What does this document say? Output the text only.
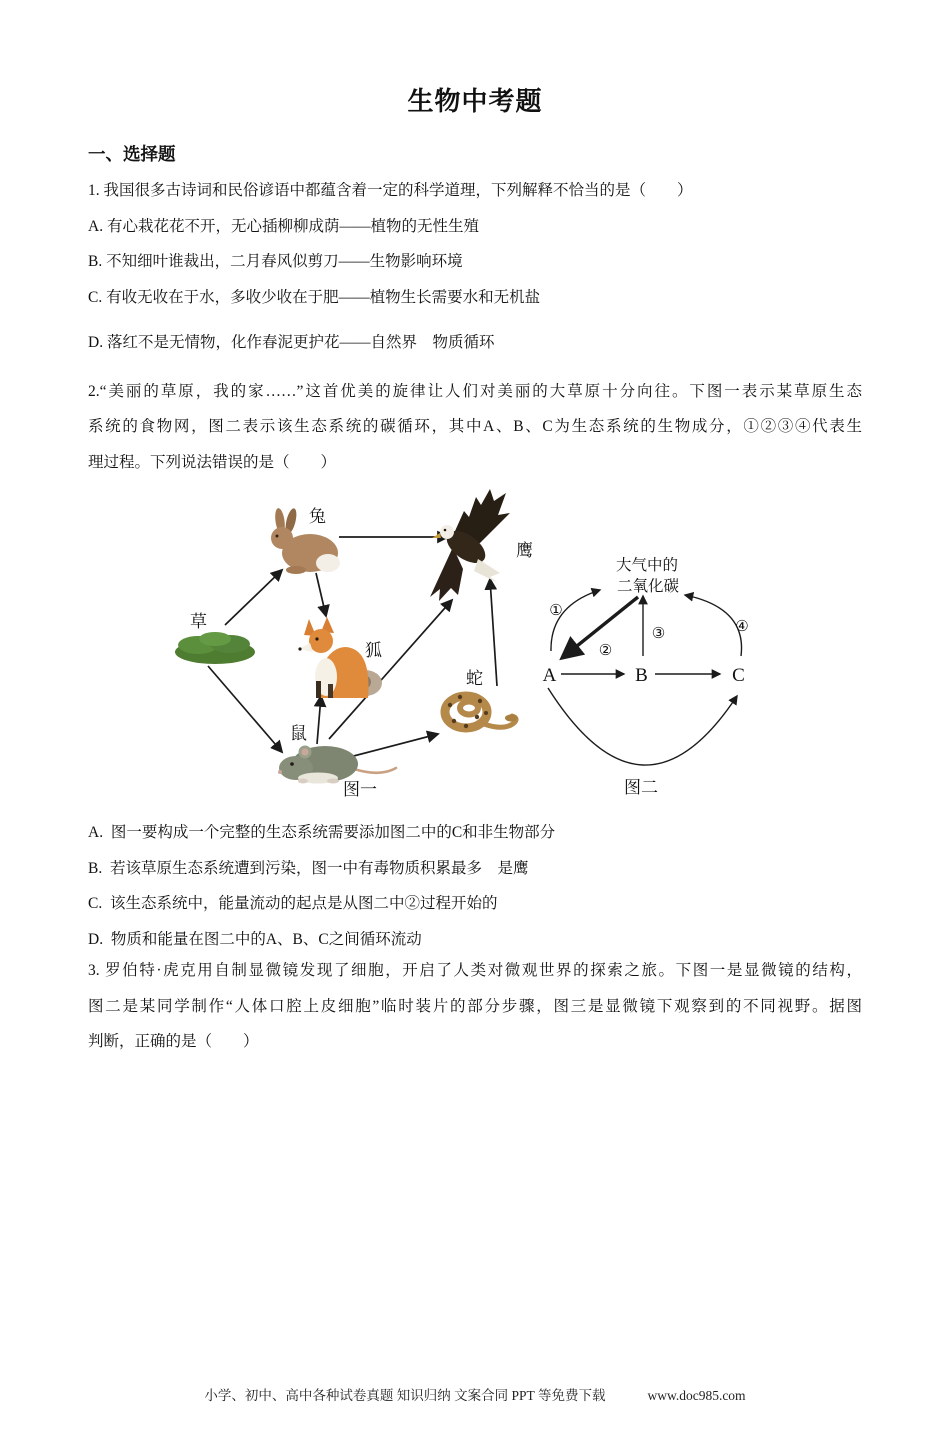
生物中考题
一、选择题
1. 我国很多古诗词和民俗谚语中都蕴含着一定的科学道理，下列解释不恰当的是（　　）
A. 有心栽花花不开，无心插柳柳成荫——植物的无性生殖
B. 不知细叶谁裁出，二月春风似剪刀——生物影响环境
C. 有收无收在于水，多收少收在于肥——植物生长需要水和无机盐
D. 落红不是无情物，化作春泥更护花——自然界　物质循环
2.“美丽的草原，我的家……”这首优美的旋律让人们对美丽的大草原十分向往。下图一表示某草原生态
系统的食物网，图二表示该生态系统的碳循环，其中A、B、C为生态系统的生物成分，①②③④代表生
理过程。下列说法错误的是（　　）
兔
鹰
草
狐
蛇
鼠
图一
大气中的
二氧化碳
①
②
③	④
A	B	C
图二
A.  图一要构成一个完整的生态系统需要添加图二中的C和非生物部分
B.  若该草原生态系统遭到污染，图一中有毒物质积累最多　是鹰
C.  该生态系统中，能量流动的起点是从图二中②过程开始的
D.  物质和能量在图二中的A、B、C之间循环流动
3. 罗伯特·虎克用自制显微镜发现了细胞，开启了人类对微观世界的探索之旅。下图一是显微镜的结构，
图二是某同学制作“人体口腔上皮细胞”临时装片的部分步骤，图三是显微镜下观察到的不同视野。据图
判断，正确的是（　　）
小学、初中、高中各种试卷真题 知识归纳 文案合同 PPT 等免费下载	www.doc985.com
